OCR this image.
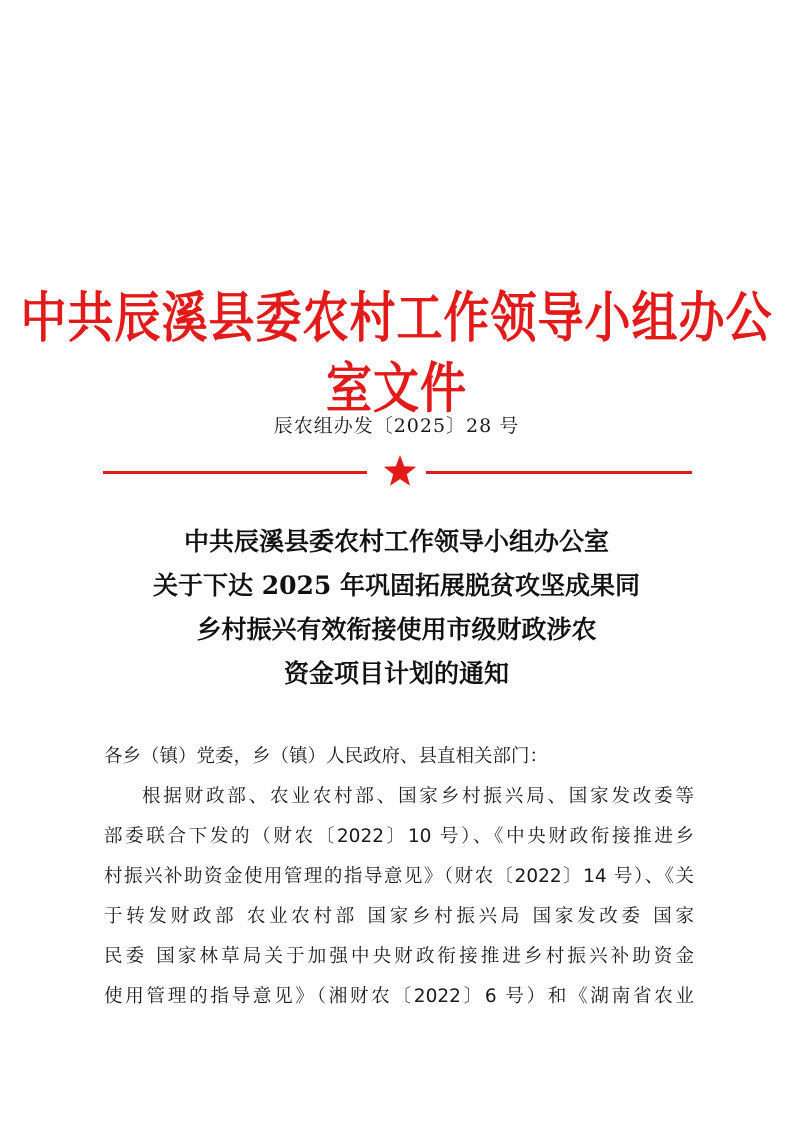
中共辰溪县委农村工作领导小组办公室文件
辰农组办发〔2025〕28 号
中共辰溪县委农村工作领导小组办公室
关于下达 2025 年巩固拓展脱贫攻坚成果同
乡村振兴有效衔接使用市级财政涉农
资金项目计划的通知
各乡（镇）党委，乡（镇）人民政府、县直相关部门：
根据财政部、农业农村部、国家乡村振兴局、国家发改委等
部委联合下发的（财农〔2022〕10 号）、《中央财政衔接推进乡
村振兴补助资金使用管理的指导意见》（财农〔2022〕14 号）、《关
于转发财政部 农业农村部 国家乡村振兴局 国家发改委 国家
民委 国家林草局关于加强中央财政衔接推进乡村振兴补助资金
使用管理的指导意见》（湘财农〔2022〕6 号）和《湖南省农业
